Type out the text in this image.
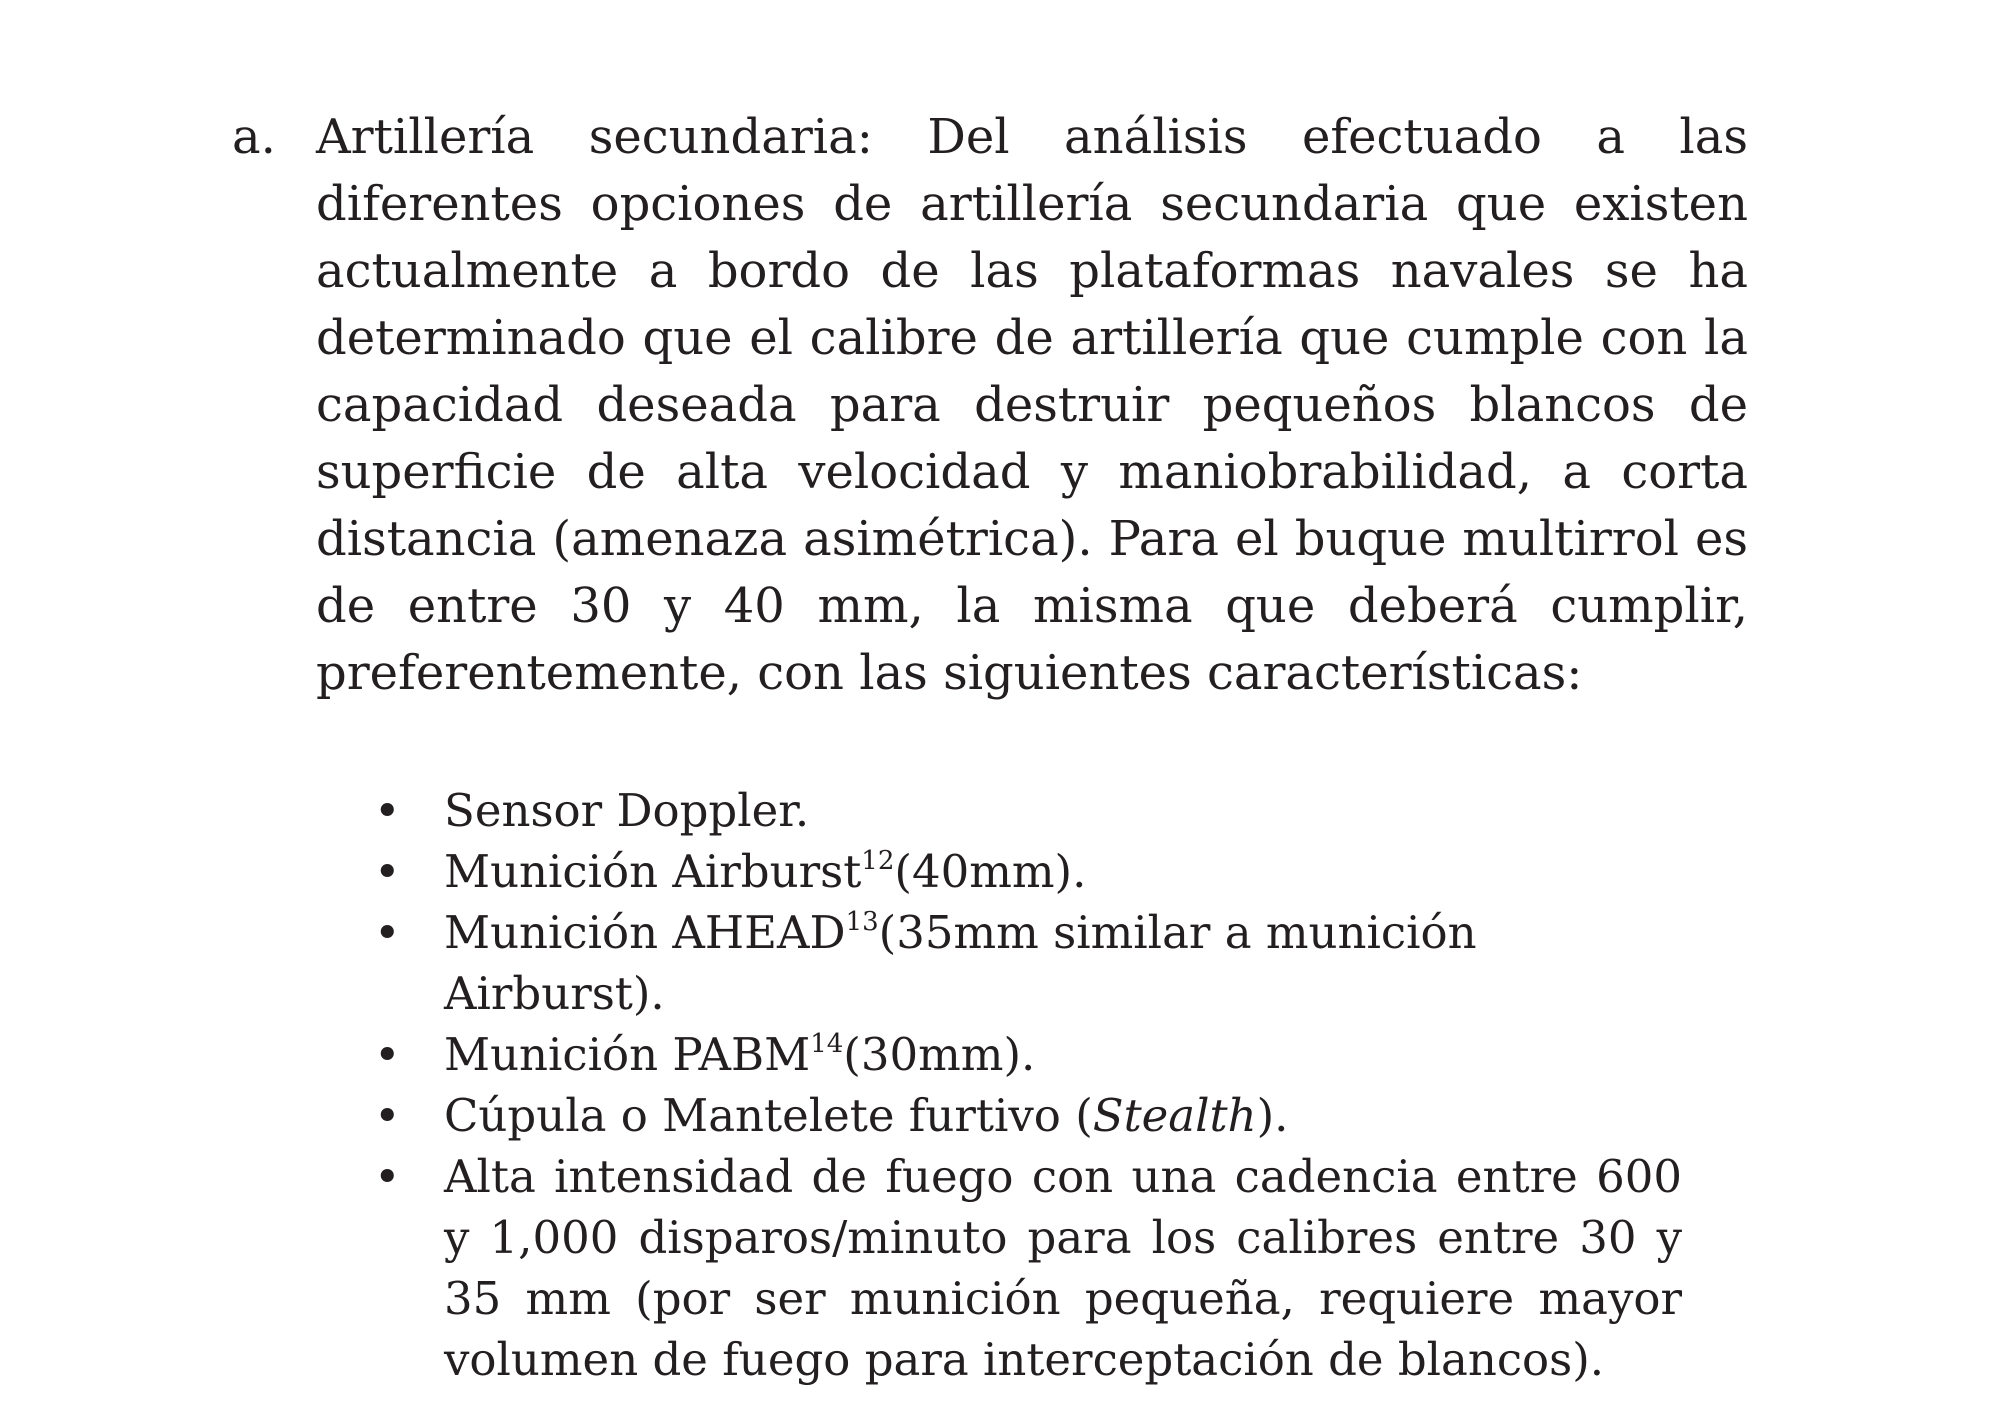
a. Artillería secundaria: Del análisis efectuado a las diferentes opciones de artillería secundaria que existen actualmente a bordo de las plataformas navales se ha determinado que el calibre de artillería que cumple con la capacidad deseada para destruir pequeños blancos de superficie de alta velocidad y maniobrabilidad, a corta distancia (amenaza asimétrica). Para el buque multirrol es de entre 30 y 40 mm, la misma que deberá cumplir, preferentemente, con las siguientes características:

• Sensor Doppler.
• Munición Airburst$^{12}$(40mm).
• Munición AHEAD$^{13}$(35mm similar a munición Airburst).
• Munición PABM$^{14}$(30mm).
• Cúpula o Mantelete furtivo (Stealth).
• Alta intensidad de fuego con una cadencia entre 600 y 1,000 disparos/minuto para los calibres entre 30 y 35 mm (por ser munición pequeña, requiere mayor volumen de fuego para interceptación de blancos).
